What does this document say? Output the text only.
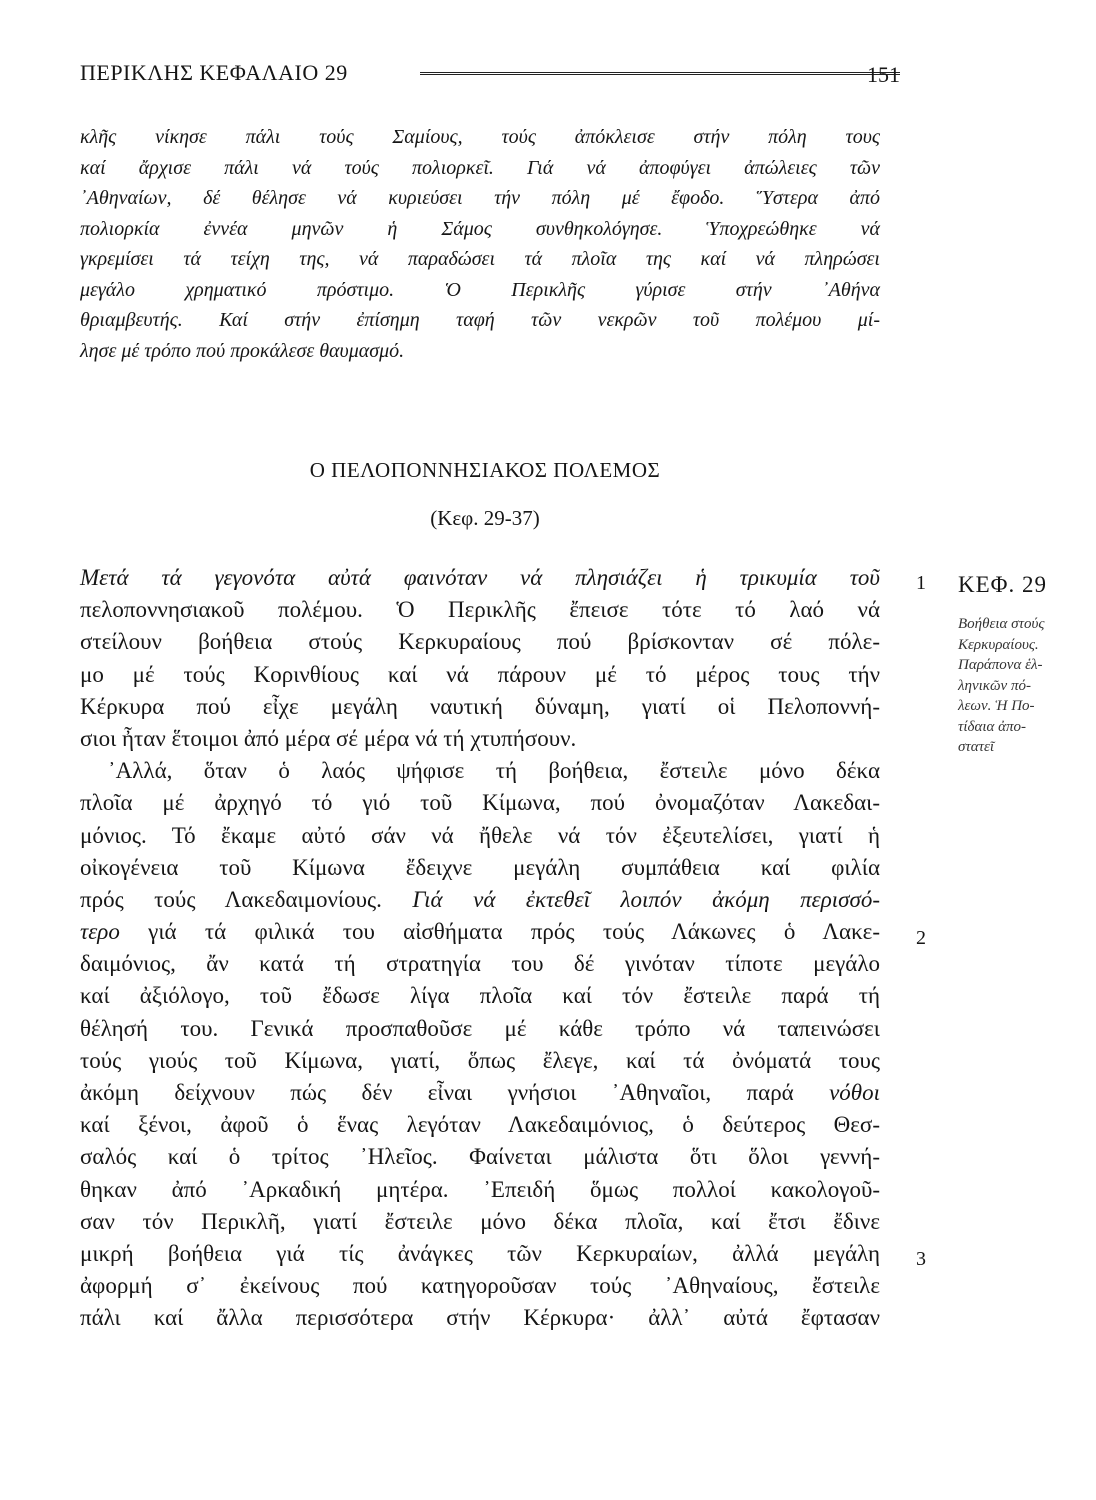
ΠΕΡΙΚΛΗΣ ΚΕΦΑΛΑΙΟ 29	151
κλῆς νίκησε πάλι τούς Σαμίους, τούς ἀπόκλεισε στήν πόλη τους
καί ἄρχισε πάλι νά τούς πολιορκεῖ. Γιά νά ἀποφύγει ἀπώλειες τῶν
᾿Αθηναίων, δέ θέλησε νά κυριεύσει τήν πόλη μέ ἔφοδο. Ὕστερα ἀπό
πολιορκία ἐννέα μηνῶν ἡ Σάμος συνθηκολόγησε. Ὑποχρεώθηκε νά
γκρεμίσει τά τείχη της, νά παραδώσει τά πλοῖα της καί νά πληρώσει
μεγάλο χρηματικό πρόστιμο. Ὁ Περικλῆς γύρισε στήν ᾿Αθήνα
θριαμβευτής. Καί στήν ἐπίσημη ταφή τῶν νεκρῶν τοῦ πολέμου μί-
λησε μέ τρόπο πού προκάλεσε θαυμασμό.
Ο ΠΕΛΟΠΟΝΝΗΣΙΑΚΟΣ ΠΟΛΕΜΟΣ
(Κεφ. 29-37)
Μετά τά γεγονότα αὐτά φαινόταν νά πλησιάζει ἡ τρικυμία τοῦ
πελοποννησιακοῦ πολέμου. Ὁ Περικλῆς ἔπεισε τότε τό λαό νά
στείλουν βοήθεια στούς Κερκυραίους πού βρίσκονταν σέ πόλε-
μο μέ τούς Κορινθίους καί νά πάρουν μέ τό μέρος τους τήν
Κέρκυρα πού εἶχε μεγάλη ναυτική δύναμη, γιατί οἱ Πελοποννή-
σιοι ἦταν ἕτοιμοι ἀπό μέρα σέ μέρα νά τή χτυπήσουν.
᾿Αλλά, ὅταν ὁ λαός ψήφισε τή βοήθεια, ἔστειλε μόνο δέκα
πλοῖα μέ ἀρχηγό τό γιό τοῦ Κίμωνα, πού ὀνομαζόταν Λακεδαι-
μόνιος. Τό ἔκαμε αὐτό σάν νά ἤθελε νά τόν ἐξευτελίσει, γιατί ἡ
οἰκογένεια τοῦ Κίμωνα ἔδειχνε μεγάλη συμπάθεια καί φιλία
πρός τούς Λακεδαιμονίους. Γιά νά ἐκτεθεῖ λοιπόν ἀκόμη περισσό-
τερο γιά τά φιλικά του αἰσθήματα πρός τούς Λάκωνες ὁ Λακε-
δαιμόνιος, ἄν κατά τή στρατηγία του δέ γινόταν τίποτε μεγάλο
καί ἀξιόλογο, τοῦ ἔδωσε λίγα πλοῖα καί τόν ἔστειλε παρά τή
θέλησή του. Γενικά προσπαθοῦσε μέ κάθε τρόπο νά ταπεινώσει
τούς γιούς τοῦ Κίμωνα, γιατί, ὅπως ἔλεγε, καί τά ὀνόματά τους
ἀκόμη δείχνουν πώς δέν εἶναι γνήσιοι ᾿Αθηναῖοι, παρά νόθοι
καί ξένοι, ἀφοῦ ὁ ἕνας λεγόταν Λακεδαιμόνιος, ὁ δεύτερος Θεσ-
σαλός καί ὁ τρίτος ᾿Ηλεῖος. Φαίνεται μάλιστα ὅτι ὅλοι γεννή-
θηκαν ἀπό ᾿Αρκαδική μητέρα. ᾿Επειδή ὅμως πολλοί κακολογοῦ-
σαν τόν Περικλῆ, γιατί ἔστειλε μόνο δέκα πλοῖα, καί ἔτσι ἔδινε
μικρή βοήθεια γιά τίς ἀνάγκες τῶν Κερκυραίων, ἀλλά μεγάλη
ἀφορμή σ᾿ ἐκείνους πού κατηγοροῦσαν τούς ᾿Αθηναίους, ἔστειλε
πάλι καί ἄλλα περισσότερα στήν Κέρκυρα· ἀλλ᾿ αὐτά ἔφτασαν
1
2
3
ΚΕΦ. 29
Βοήθεια στούς
Κερκυραίους.
Παράπονα ἑλ-
ληνικῶν πό-
λεων. Ἡ Πο-
τίδαια ἀπο-
στατεῖ
